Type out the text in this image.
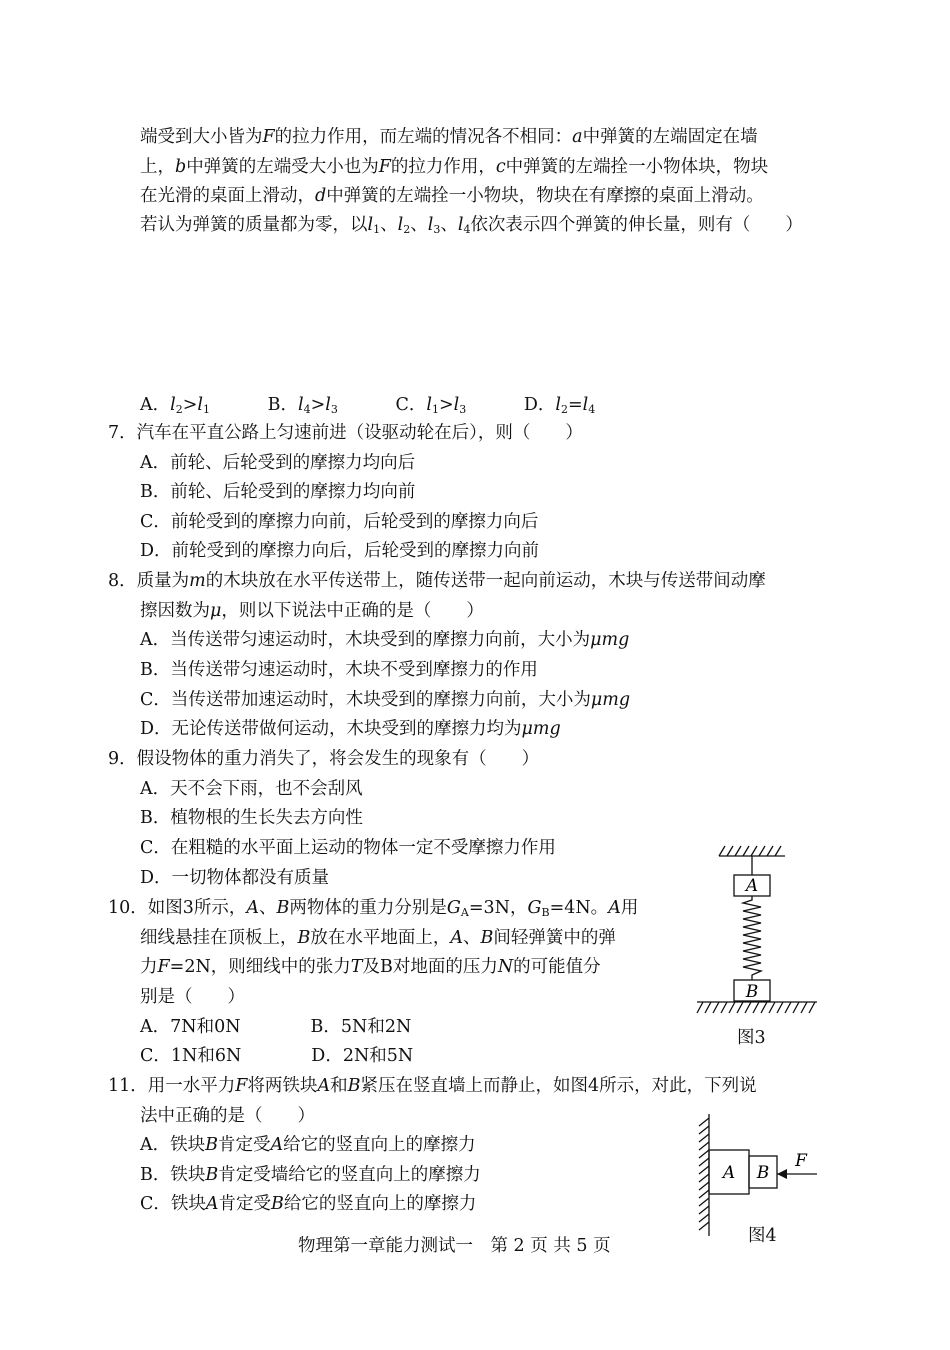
端受到大小皆为F的拉力作用，而左端的情况各不相同：a中弹簧的左端固定在墙
上，b中弹簧的左端受大小也为F的拉力作用，c中弹簧的左端拴一小物体块，物块
在光滑的桌面上滑动，d中弹簧的左端拴一小物块，物块在有摩擦的桌面上滑动。
若认为弹簧的质量都为零，以$l_1$、$l_2$、$l_3$、$l_4$依次表示四个弹簧的伸长量，则有（　　）
A．$l_2>l_1$	B．$l_4>l_3$	C．$l_1>l_3$	D．$l_2=l_4$
7．汽车在平直公路上匀速前进（设驱动轮在后），则（　　）
A．前轮、后轮受到的摩擦力均向后
B．前轮、后轮受到的摩擦力均向前
C．前轮受到的摩擦力向前，后轮受到的摩擦力向后
D．前轮受到的摩擦力向后，后轮受到的摩擦力向前
8．质量为m的木块放在水平传送带上，随传送带一起向前运动，木块与传送带间动摩
擦因数为μ，则以下说法中正确的是（　　）
A．当传送带匀速运动时，木块受到的摩擦力向前，大小为μmg
B．当传送带匀速运动时，木块不受到摩擦力的作用
C．当传送带加速运动时，木块受到的摩擦力向前，大小为μmg
D．无论传送带做何运动，木块受到的摩擦力均为μmg
9．假设物体的重力消失了，将会发生的现象有（　　）
A．天不会下雨，也不会刮风
B．植物根的生长失去方向性
C．在粗糙的水平面上运动的物体一定不受摩擦力作用
D．一切物体都没有质量
10．如图3所示，A、B两物体的重力分别是$G_A=3N$，$G_B=4N$。A用
细线悬挂在顶板上，B放在水平地面上，A、B间轻弹簧中的弹
力F=2N，则细线中的张力T及B对地面的压力N的可能值分
别是（　　）
A．7N和0N	B．5N和2N
C．1N和6N	D．2N和5N
A
B
图3
11．用一水平力F将两铁块A和B紧压在竖直墙上而静止，如图4所示，对此，下列说
法中正确的是（　　）
A．铁块B肯定受A给它的竖直向上的摩擦力
B．铁块B肯定受墙给它的竖直向上的摩擦力
C．铁块A肯定受B给它的竖直向上的摩擦力
A B
F
图4
物理第一章能力测试一　第 2 页 共 5 页
